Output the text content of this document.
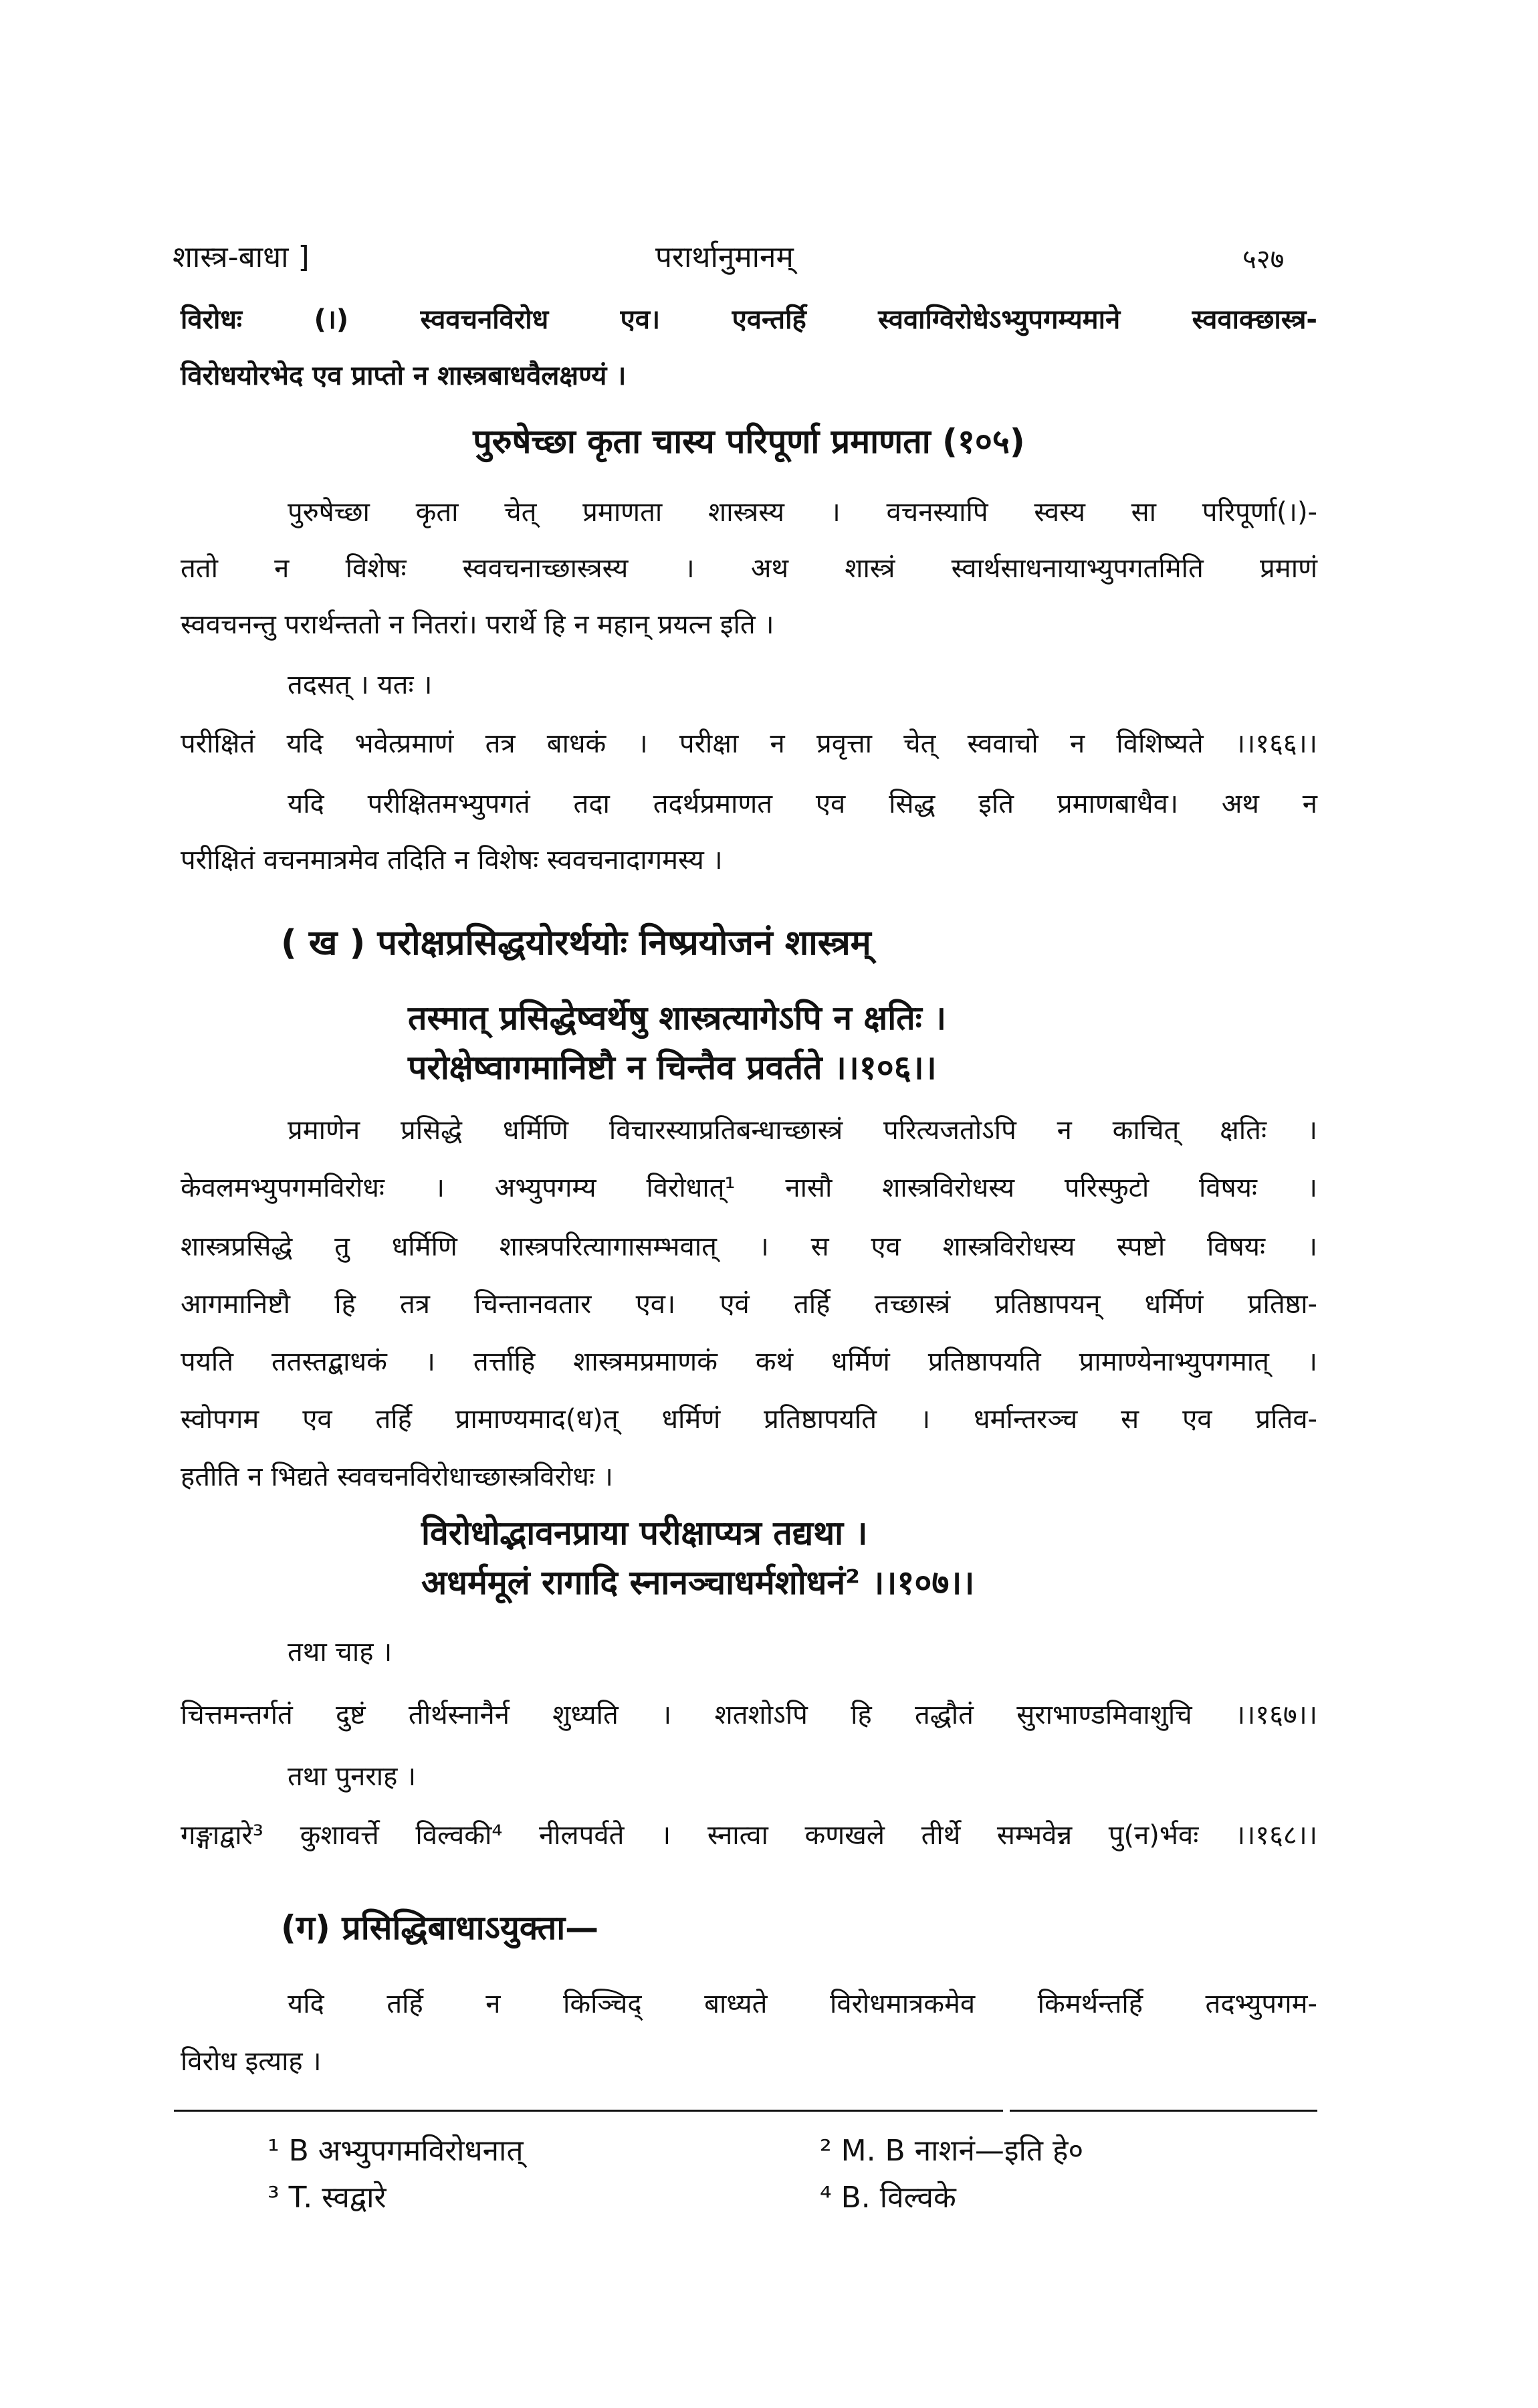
शास्त्र-बाधा ]	परार्थानुमानम्	५२७
विरोधः (।) स्ववचनविरोध एव। एवन्तर्हि स्ववाग्विरोधेऽभ्युपगम्यमाने स्ववाक्छास्त्र-
विरोधयोरभेद एव प्राप्तो न शास्त्रबाधवैलक्षण्यं ।
पुरुषेच्छा कृता चास्य परिपूर्णा प्रमाणता (१०५)
पुरुषेच्छा कृता चेत् प्रमाणता शास्त्रस्य । वचनस्यापि स्वस्य सा परिपूर्णा(।)-
ततो न विशेषः स्ववचनाच्छास्त्रस्य । अथ शास्त्रं स्वार्थसाधनायाभ्युपगतमिति प्रमाणं
स्ववचनन्तु परार्थन्ततो न नितरां। परार्थे हि न महान् प्रयत्न इति ।
तदसत् । यतः ।
परीक्षितं यदि भवेत्प्रमाणं तत्र बाधकं । परीक्षा न प्रवृत्ता चेत् स्ववाचो न विशिष्यते ।।१६६।।
यदि परीक्षितमभ्युपगतं तदा तदर्थप्रमाणत एव सिद्ध इति प्रमाणबाधैव। अथ न
परीक्षितं वचनमात्रमेव तदिति न विशेषः स्ववचनादागमस्य ।
( ख ) परोक्षप्रसिद्धयोरर्थयोः निष्प्रयोजनं शास्त्रम्
तस्मात् प्रसिद्धेष्वर्थेषु शास्त्रत्यागेऽपि न क्षतिः ।
परोक्षेष्वागमानिष्टौ न चिन्तैव प्रवर्तते ।।१०६।।
प्रमाणेन प्रसिद्धे धर्मिणि विचारस्याप्रतिबन्धाच्छास्त्रं परित्यजतोऽपि न काचित् क्षतिः ।
केवलमभ्युपगमविरोधः । अभ्युपगम्य विरोधात्¹ नासौ शास्त्रविरोधस्य परिस्फुटो विषयः ।
शास्त्रप्रसिद्धे तु धर्मिणि शास्त्रपरित्यागासम्भवात् । स एव शास्त्रविरोधस्य स्पष्टो विषयः ।
आगमानिष्टौ हि तत्र चिन्तानवतार एव। एवं तर्हि तच्छास्त्रं प्रतिष्ठापयन् धर्मिणं प्रतिष्ठा-
पयति ततस्तद्बाधकं । तर्त्ताहि शास्त्रमप्रमाणकं कथं धर्मिणं प्रतिष्ठापयति प्रामाण्येनाभ्युपगमात् ।
स्वोपगम एव तर्हि प्रामाण्यमाद(ध)त् धर्मिणं प्रतिष्ठापयति । धर्मान्तरञ्च स एव प्रतिव-
हतीति न भिद्यते स्ववचनविरोधाच्छास्त्रविरोधः ।
विरोधोद्भावनप्राया परीक्षाप्यत्र तद्यथा ।
अधर्ममूलं रागादि स्नानञ्चाधर्मशोधनं² ।।१०७।।
तथा चाह ।
चित्तमन्तर्गतं दुष्टं तीर्थस्नानैर्न शुध्यति । शतशोऽपि हि तद्धौतं सुराभाण्डमिवाशुचि ।।१६७।।
तथा पुनराह ।
गङ्गाद्वारे³ कुशावर्त्ते विल्वकी⁴ नीलपर्वते । स्नात्वा कणखले तीर्थे सम्भवेन्न पु(न)र्भवः ।।१६८।।
(ग) प्रसिद्धिबाधाऽयुक्ता—
यदि तर्हि न किञ्चिद् बाध्यते विरोधमात्रकमेव किमर्थन्तर्हि तदभ्युपगम-
विरोध इत्याह ।
¹ B अभ्युपगमविरोधनात्	² M. B नाशनं—इति हे०
³ T. स्वद्वारे	⁴ B. विल्वके
